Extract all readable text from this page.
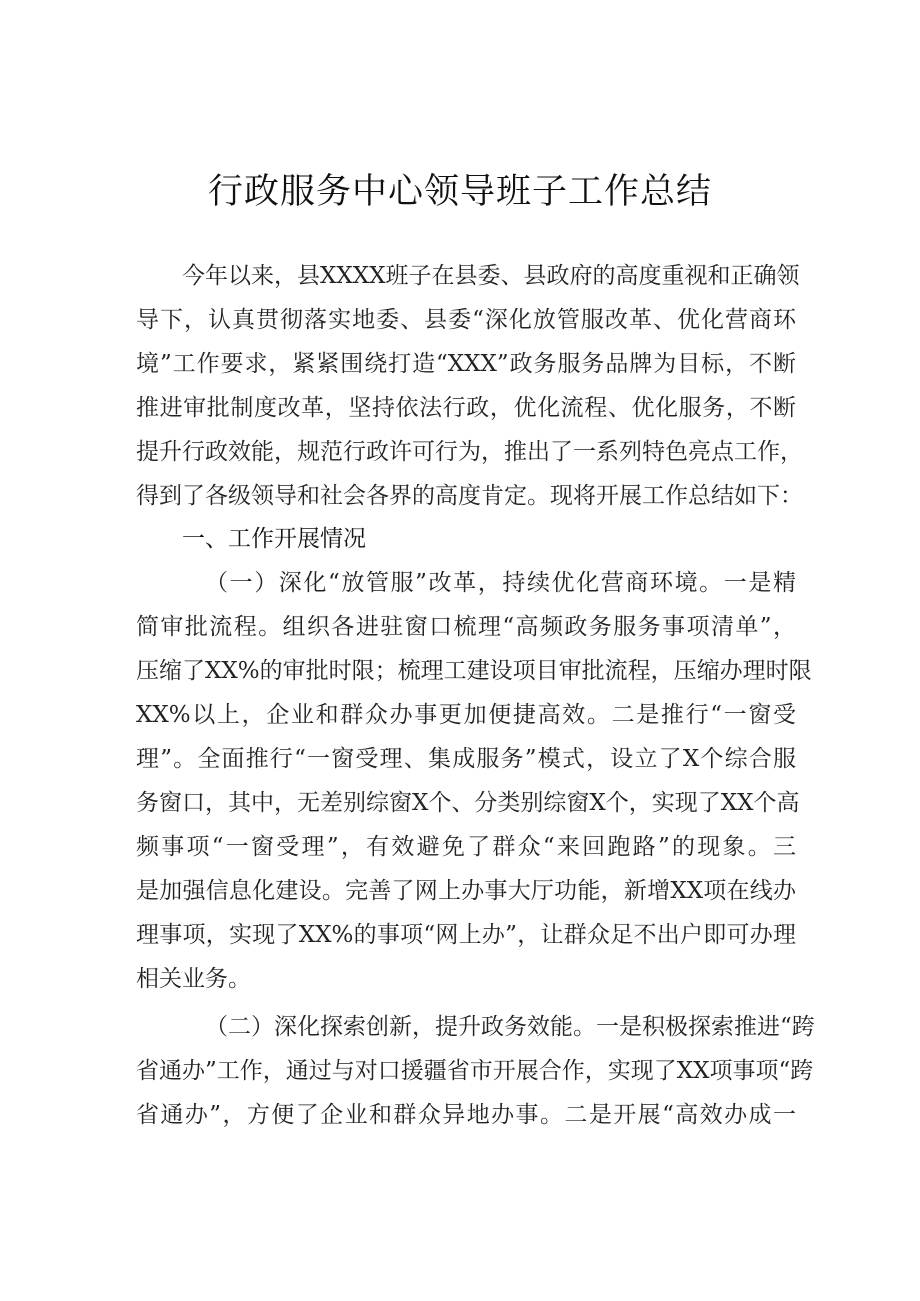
行政服务中心领导班子工作总结
今年以来，县XXXX班子在县委、县政府的高度重视和正确领
导下，认真贯彻落实地委、县委“深化放管服改革、优化营商环
境”工作要求，紧紧围绕打造“XXX”政务服务品牌为目标，不断
推进审批制度改革，坚持依法行政，优化流程、优化服务，不断
提升行政效能，规范行政许可行为，推出了一系列特色亮点工作，
得到了各级领导和社会各界的高度肯定。现将开展工作总结如下：
一、工作开展情况
（一）深化“放管服”改革，持续优化营商环境。一是精
简审批流程。组织各进驻窗口梳理“高频政务服务事项清单”，
压缩了XX%的审批时限；梳理工建设项目审批流程，压缩办理时限
XX%以上，企业和群众办事更加便捷高效。二是推行“一窗受
理”。全面推行“一窗受理、集成服务”模式，设立了X个综合服
务窗口，其中，无差别综窗X个、分类别综窗X个，实现了XX个高
频事项“一窗受理”，有效避免了群众“来回跑路”的现象。三
是加强信息化建设。完善了网上办事大厅功能，新增XX项在线办
理事项，实现了XX%的事项“网上办”，让群众足不出户即可办理
相关业务。
（二）深化探索创新，提升政务效能。一是积极探索推进“跨
省通办”工作，通过与对口援疆省市开展合作，实现了XX项事项“跨
省通办”，方便了企业和群众异地办事。二是开展“高效办成一
